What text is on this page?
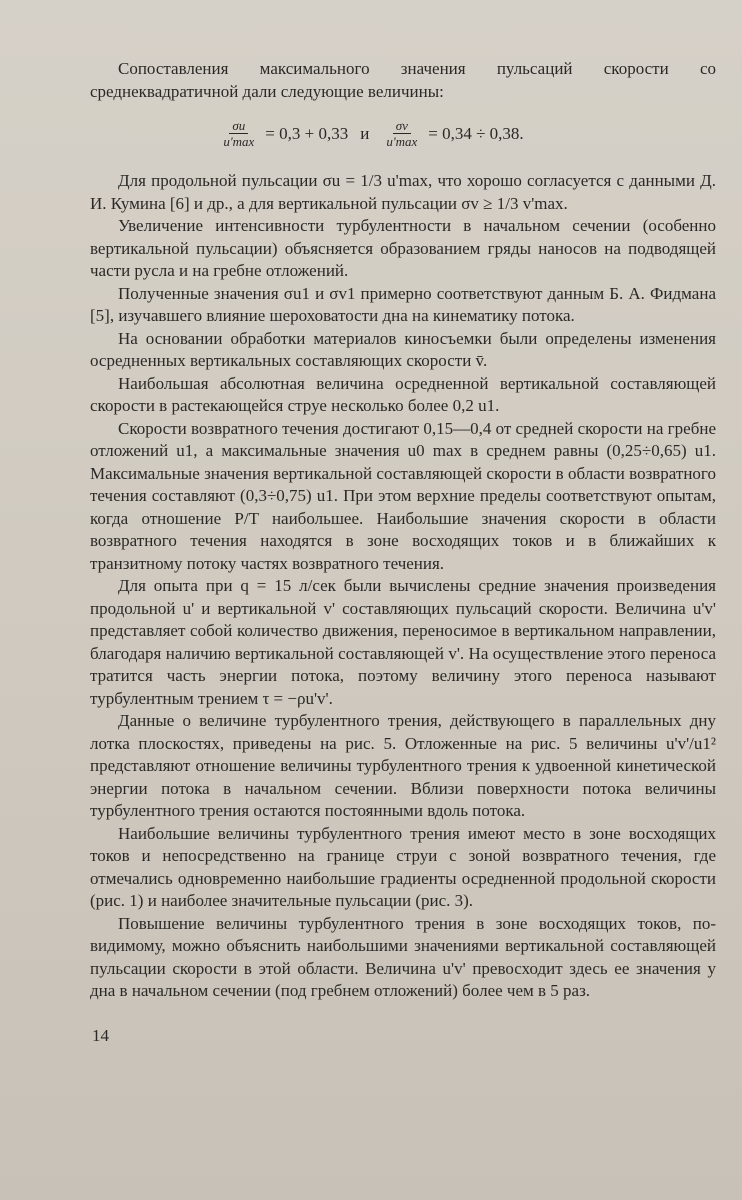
Сопоставления максимального значения пульсаций скорости со среднеквадратичной дали следующие величины:

$\frac{\sigma u}{u'\max} = 0,3 + 0,33$ и $\frac{\sigma v}{u'\max} = 0,34 \div 0,38$.

Для продольной пульсации σu = 1/3 u'max, что хорошо согласуется с данными Д. И. Кумина [6] и др., а для вертикальной пульсации σv ≥ 1/3 v'max.

Увеличение интенсивности турбулентности в начальном сечении (особенно вертикальной пульсации) объясняется образованием гряды наносов на подводящей части русла и на гребне отложений.

Полученные значения σu1 и σv1 примерно соответствуют данным Б. А. Фидмана [5], изучавшего влияние шероховатости дна на кинематику потока.

На основании обработки материалов киносъемки были определены изменения осредненных вертикальных составляющих скорости v̄.

Наибольшая абсолютная величина осредненной вертикальной составляющей скорости в растекающейся струе несколько более 0,2 u1.

Скорости возвратного течения достигают 0,15—0,4 от средней скорости на гребне отложений u1, а максимальные значения u0 max в среднем равны (0,25÷0,65) u1. Максимальные значения вертикальной составляющей скорости в области возвратного течения составляют (0,3÷0,75) u1. При этом верхние пределы соответствуют опытам, когда отношение P/T наибольшее. Наибольшие значения скорости в области возвратного течения находятся в зоне восходящих токов и в ближайших к транзитному потоку частях возвратного течения.

Для опыта при q = 15 л/сек были вычислены средние значения произведения продольной u' и вертикальной v' составляющих пульсаций скорости. Величина u'v' представляет собой количество движения, переносимое в вертикальном направлении, благодаря наличию вертикальной составляющей v'. На осуществление этого переноса тратится часть энергии потока, поэтому величину этого переноса называют турбулентным трением τ = −ρu'v'.

Данные о величине турбулентного трения, действующего в параллельных дну лотка плоскостях, приведены на рис. 5. Отложенные на рис. 5 величины u'v'/u1² представляют отношение величины турбулентного трения к удвоенной кинетической энергии потока в начальном сечении. Вблизи поверхности потока величины турбулентного трения остаются постоянными вдоль потока.

Наибольшие величины турбулентного трения имеют место в зоне восходящих токов и непосредственно на границе струи с зоной возвратного течения, где отмечались одновременно наибольшие градиенты осредненной продольной скорости (рис. 1) и наиболее значительные пульсации (рис. 3).

Повышение величины турбулентного трения в зоне восходящих токов, по-видимому, можно объяснить наибольшими значениями вертикальной составляющей пульсации скорости в этой области. Величина u'v' превосходит здесь ее значения у дна в начальном сечении (под гребнем отложений) более чем в 5 раз.

14
